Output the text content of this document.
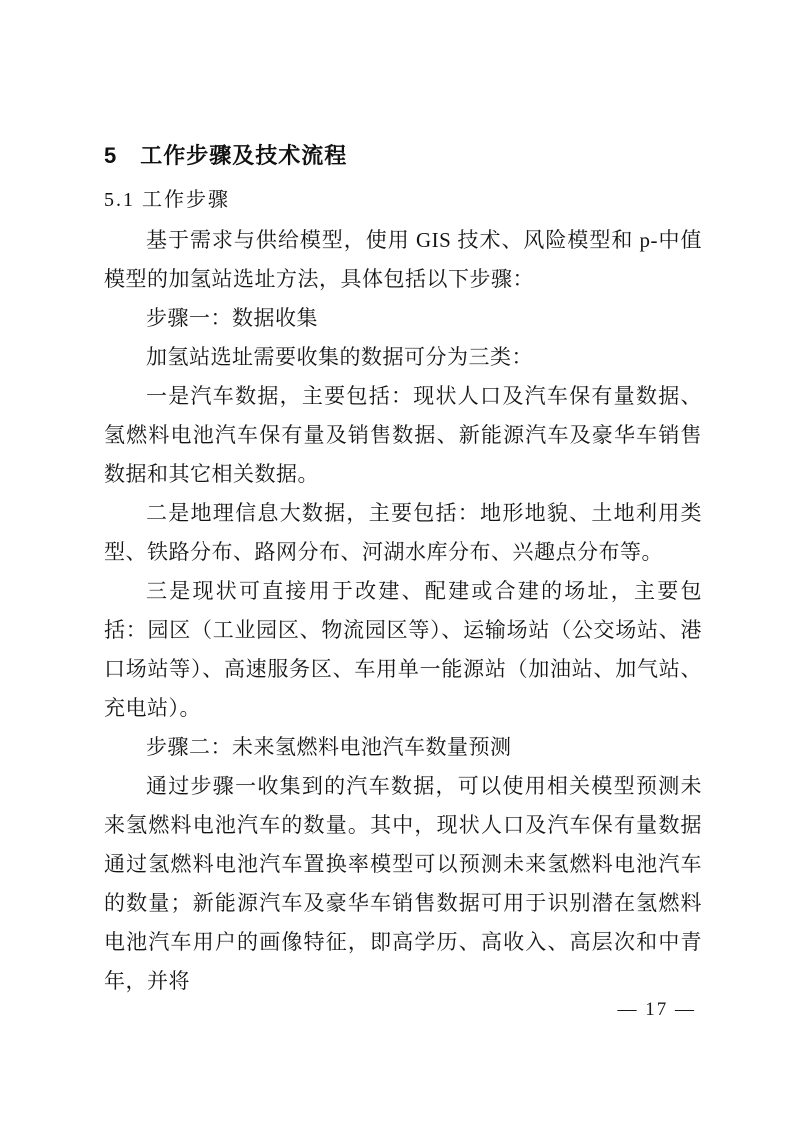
5　工作步骤及技术流程
5.1 工作步骤

基于需求与供给模型，使用 GIS 技术、风险模型和 p-中值模型的加氢站选址方法，具体包括以下步骤：

步骤一：数据收集

加氢站选址需要收集的数据可分为三类：

一是汽车数据，主要包括：现状人口及汽车保有量数据、氢燃料电池汽车保有量及销售数据、新能源汽车及豪华车销售数据和其它相关数据。

二是地理信息大数据，主要包括：地形地貌、土地利用类型、铁路分布、路网分布、河湖水库分布、兴趣点分布等。

三是现状可直接用于改建、配建或合建的场址，主要包括：园区（工业园区、物流园区等）、运输场站（公交场站、港口场站等）、高速服务区、车用单一能源站（加油站、加气站、充电站）。

步骤二：未来氢燃料电池汽车数量预测

通过步骤一收集到的汽车数据，可以使用相关模型预测未来氢燃料电池汽车的数量。其中，现状人口及汽车保有量数据通过氢燃料电池汽车置换率模型可以预测未来氢燃料电池汽车的数量；新能源汽车及豪华车销售数据可用于识别潜在氢燃料电池汽车用户的画像特征，即高学历、高收入、高层次和中青年，并将

— 17 —
